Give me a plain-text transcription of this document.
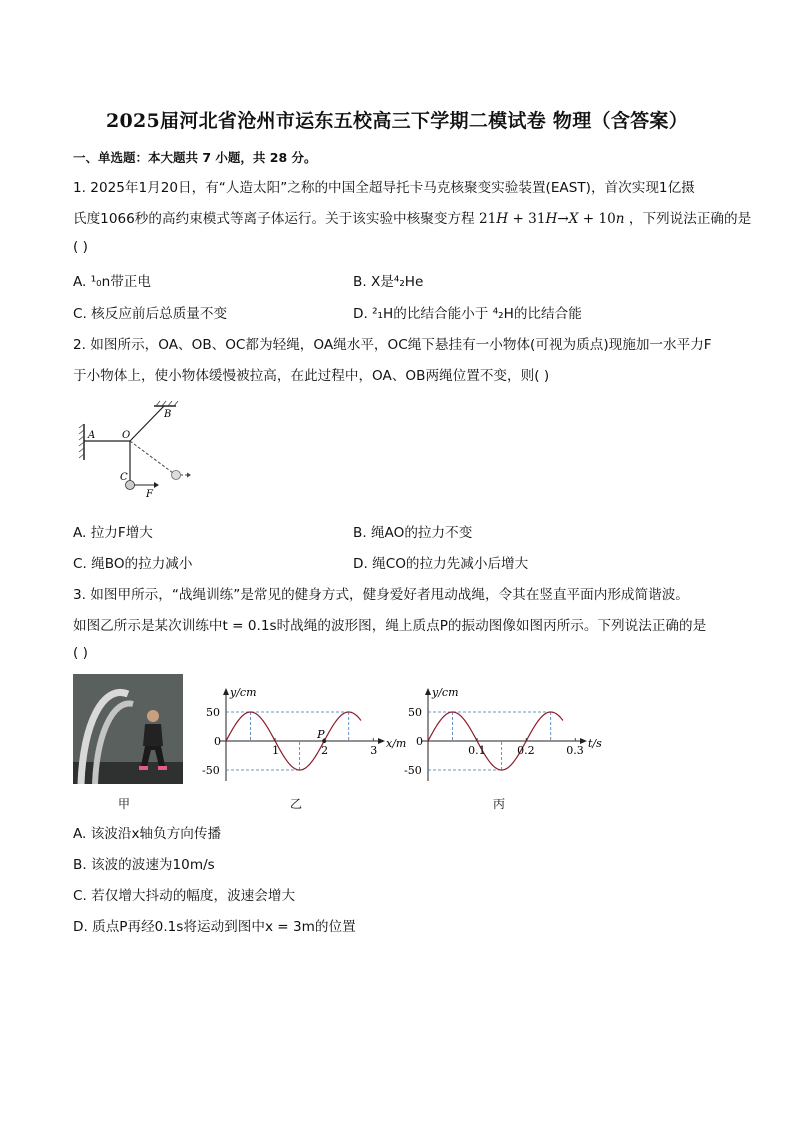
2025届河北省沧州市运东五校高三下学期二模试卷 物理（含答案）
一、单选题：本大题共 7 小题，共 28 分。
1. 2025年1月20日，有“人造太阳”之称的中国全超导托卡马克核聚变实验装置(EAST)，首次实现1亿摄
氏度1066秒的高约束模式等离子体运行。关于该实验中核聚变方程 21H + 31H→X + 10n ，下列说法正确的是
( )
A. ¹₀n带正电	B. X是⁴₂He
C. 核反应前后总质量不变	D. ²₁H的比结合能小于 ⁴₂H的比结合能
2. 如图所示，OA、OB、OC都为轻绳，OA绳水平，OC绳下悬挂有一小物体(可视为质点)现施加一水平力F
于小物体上，使小物体缓慢被拉高，在此过程中，OA、OB两绳位置不变，则( )
A
B
O
C
F
A. 拉力F增大	B. 绳AO的拉力不变
C. 绳BO的拉力减小	D. 绳CO的拉力先减小后增大
3. 如图甲所示，“战绳训练”是常见的健身方式，健身爱好者甩动战绳，令其在竖直平面内形成简谐波。
如图乙所示是某次训练中t = 0.1s时战绳的波形图，绳上质点P的振动图像如图丙所示。下列说法正确的是
( )
甲
50
0
-50
1	2	3
y/cm
x/m
P
乙
50
0
-50
0.1	0.2	0.3
y/cm
t/s
丙
A. 该波沿x轴负方向传播
B. 该波的波速为10m/s
C. 若仅增大抖动的幅度，波速会增大
D. 质点P再经0.1s将运动到图中x = 3m的位置
